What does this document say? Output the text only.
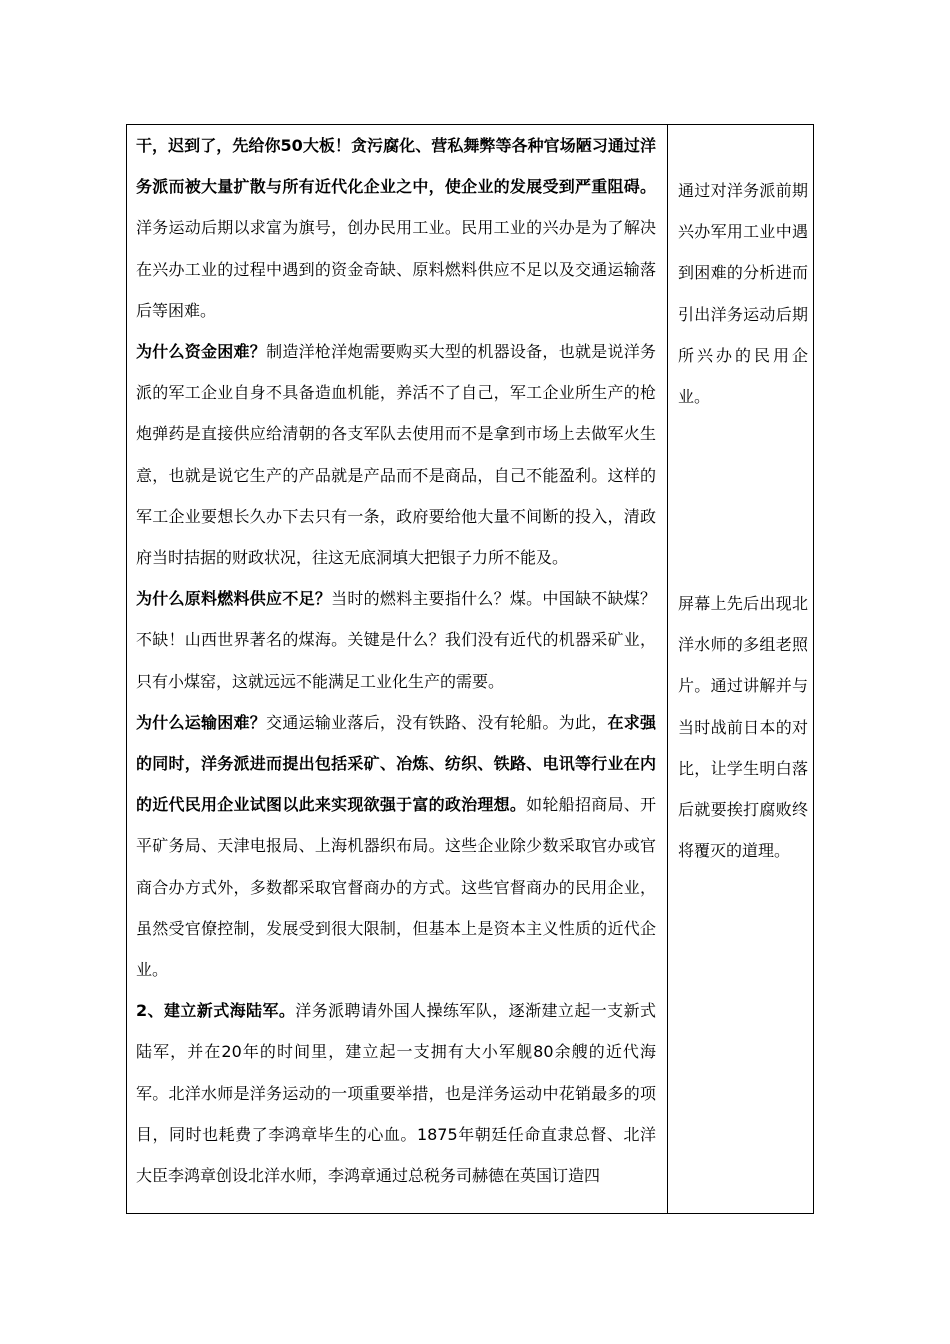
干，迟到了，先给你50大板！贪污腐化、营私舞弊等各种官场陋习通过洋务派而被大量扩散与所有近代化企业之中，使企业的发展受到严重阻碍。洋务运动后期以求富为旗号，创办民用工业。民用工业的兴办是为了解决在兴办工业的过程中遇到的资金奇缺、原料燃料供应不足以及交通运输落后等困难。

为什么资金困难？制造洋枪洋炮需要购买大型的机器设备，也就是说洋务派的军工企业自身不具备造血机能，养活不了自己，军工企业所生产的枪炮弹药是直接供应给清朝的各支军队去使用而不是拿到市场上去做军火生意，也就是说它生产的产品就是产品而不是商品，自己不能盈利。这样的军工企业要想长久办下去只有一条，政府要给他大量不间断的投入，清政府当时拮据的财政状况，往这无底洞填大把银子力所不能及。

为什么原料燃料供应不足？当时的燃料主要指什么？煤。中国缺不缺煤？不缺！山西世界著名的煤海。关键是什么？我们没有近代的机器采矿业，只有小煤窑，这就远远不能满足工业化生产的需要。

为什么运输困难？交通运输业落后，没有铁路、没有轮船。为此，在求强的同时，洋务派进而提出包括采矿、冶炼、纺织、铁路、电讯等行业在内的近代民用企业试图以此来实现欲强于富的政治理想。如轮船招商局、开平矿务局、天津电报局、上海机器织布局。这些企业除少数采取官办或官商合办方式外，多数都采取官督商办的方式。这些官督商办的民用企业，虽然受官僚控制，发展受到很大限制，但基本上是资本主义性质的近代企业。

2、建立新式海陆军。洋务派聘请外国人操练军队，逐渐建立起一支新式陆军，并在20年的时间里，建立起一支拥有大小军舰80余艘的近代海军。北洋水师是洋务运动的一项重要举措，也是洋务运动中花销最多的项目，同时也耗费了李鸿章毕生的心血。1875年朝廷任命直隶总督、北洋大臣李鸿章创设北洋水师，李鸿章通过总税务司赫德在英国订造四

通过对洋务派前期兴办军用工业中遇到困难的分析进而引出洋务运动后期所兴办的民用企业。

屏幕上先后出现北洋水师的多组老照片。通过讲解并与当时战前日本的对比，让学生明白落后就要挨打腐败终将覆灭的道理。
